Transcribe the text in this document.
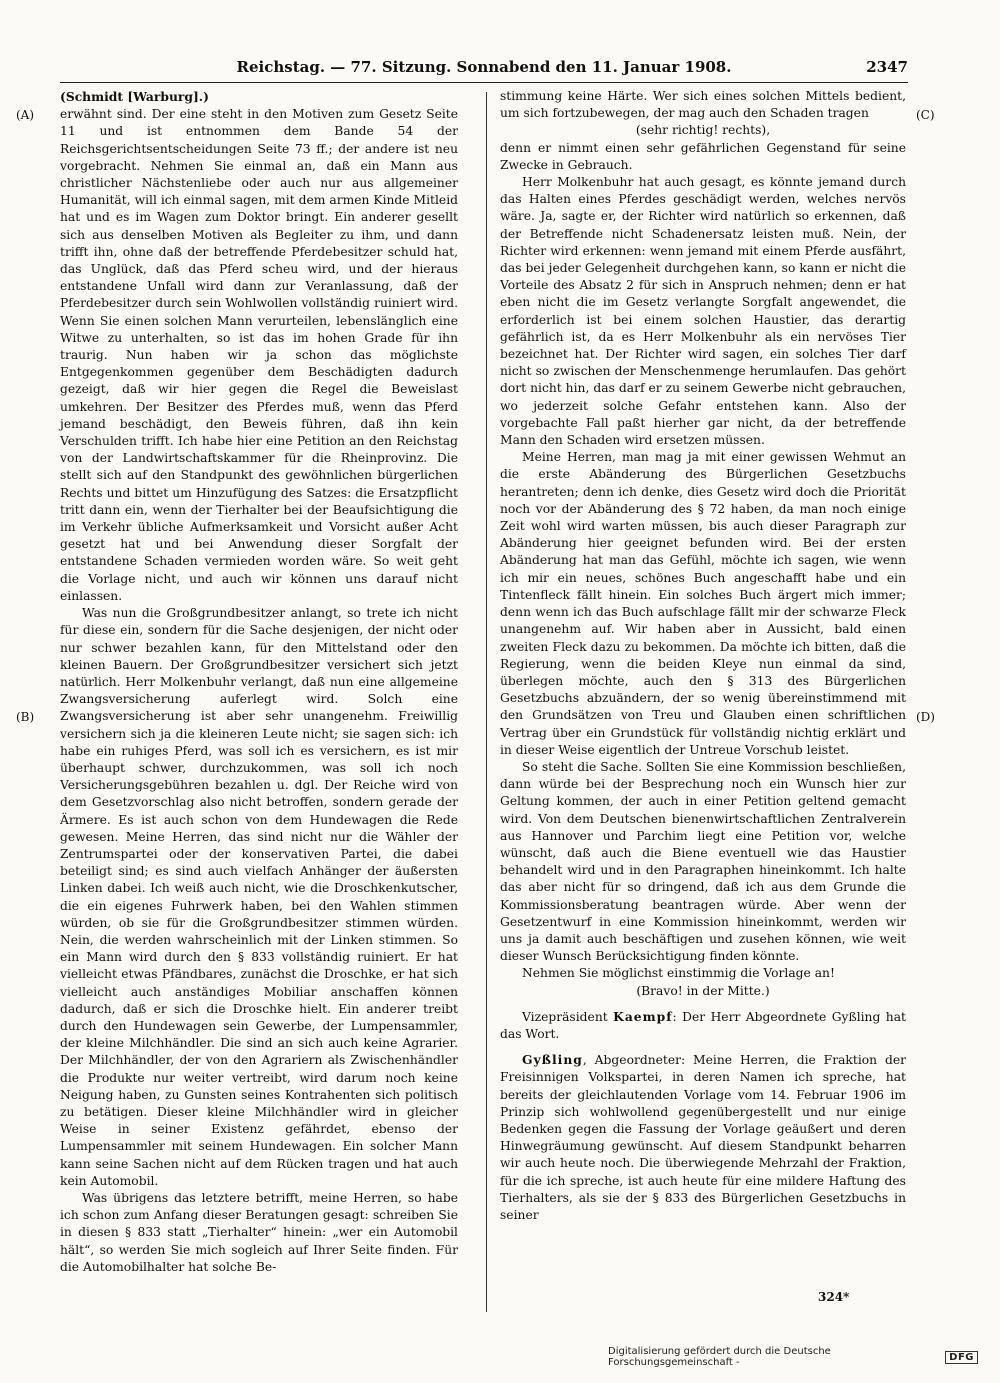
Reichstag. — 77. Sitzung. Sonnabend den 11. Januar 1908.	2347
(A)
(B)
(C)
(D)

(Schmidt [Warburg].)

erwähnt sind. Der eine steht in den Motiven zum Gesetz Seite 11 und ist entnommen dem Bande 54 der Reichsgerichtsentscheidungen Seite 73 ff.; der andere ist neu vorgebracht. Nehmen Sie einmal an, daß ein Mann aus christlicher Nächstenliebe oder auch nur aus allgemeiner Humanität, will ich einmal sagen, mit dem armen Kinde Mitleid hat und es im Wagen zum Doktor bringt. Ein anderer gesellt sich aus denselben Motiven als Begleiter zu ihm, und dann trifft ihn, ohne daß der betreffende Pferdebesitzer schuld hat, das Unglück, daß das Pferd scheu wird, und der hieraus entstandene Unfall wird dann zur Veranlassung, daß der Pferdebesitzer durch sein Wohlwollen vollständig ruiniert wird. Wenn Sie einen solchen Mann verurteilen, lebenslänglich eine Witwe zu unterhalten, so ist das im hohen Grade für ihn traurig. Nun haben wir ja schon das möglichste Entgegenkommen gegenüber dem Beschädigten dadurch gezeigt, daß wir hier gegen die Regel die Beweislast umkehren. Der Besitzer des Pferdes muß, wenn das Pferd jemand beschädigt, den Beweis führen, daß ihn kein Verschulden trifft. Ich habe hier eine Petition an den Reichstag von der Landwirtschaftskammer für die Rheinprovinz. Die stellt sich auf den Standpunkt des gewöhnlichen bürgerlichen Rechts und bittet um Hinzufügung des Satzes: die Ersatzpflicht tritt dann ein, wenn der Tierhalter bei der Beaufsichtigung die im Verkehr übliche Aufmerksamkeit und Vorsicht außer Acht gesetzt hat und bei Anwendung dieser Sorgfalt der entstandene Schaden vermieden worden wäre. So weit geht die Vorlage nicht, und auch wir können uns darauf nicht einlassen.

Was nun die Großgrundbesitzer anlangt, so trete ich nicht für diese ein, sondern für die Sache desjenigen, der nicht oder nur schwer bezahlen kann, für den Mittelstand oder den kleinen Bauern. Der Großgrundbesitzer versichert sich jetzt natürlich. Herr Molkenbuhr verlangt, daß nun eine allgemeine Zwangsversicherung auferlegt wird. Solch eine Zwangsversicherung ist aber sehr unangenehm. Freiwillig versichern sich ja die kleineren Leute nicht; sie sagen sich: ich habe ein ruhiges Pferd, was soll ich es versichern, es ist mir überhaupt schwer, durchzukommen, was soll ich noch Versicherungsgebühren bezahlen u. dgl. Der Reiche wird von dem Gesetzvorschlag also nicht betroffen, sondern gerade der Ärmere. Es ist auch schon von dem Hundewagen die Rede gewesen. Meine Herren, das sind nicht nur die Wähler der Zentrumspartei oder der konservativen Partei, die dabei beteiligt sind; es sind auch vielfach Anhänger der äußersten Linken dabei. Ich weiß auch nicht, wie die Droschkenkutscher, die ein eigenes Fuhrwerk haben, bei den Wahlen stimmen würden, ob sie für die Großgrundbesitzer stimmen würden. Nein, die werden wahrscheinlich mit der Linken stimmen. So ein Mann wird durch den § 833 vollständig ruiniert. Er hat vielleicht etwas Pfändbares, zunächst die Droschke, er hat sich vielleicht auch anständiges Mobiliar anschaffen können dadurch, daß er sich die Droschke hielt. Ein anderer treibt durch den Hundewagen sein Gewerbe, der Lumpensammler, der kleine Milchhändler. Die sind an sich auch keine Agrarier. Der Milchhändler, der von den Agrariern als Zwischenhändler die Produkte nur weiter vertreibt, wird darum noch keine Neigung haben, zu Gunsten seines Kontrahenten sich politisch zu betätigen. Dieser kleine Milchhändler wird in gleicher Weise in seiner Existenz gefährdet, ebenso der Lumpensammler mit seinem Hundewagen. Ein solcher Mann kann seine Sachen nicht auf dem Rücken tragen und hat auch kein Automobil.

Was übrigens das letztere betrifft, meine Herren, so habe ich schon zum Anfang dieser Beratungen gesagt: schreiben Sie in diesen § 833 statt „Tierhalter“ hinein: „wer ein Automobil hält“, so werden Sie mich sogleich auf Ihrer Seite finden. Für die Automobilhalter hat solche Be-

stimmung keine Härte. Wer sich eines solchen Mittels bedient, um sich fortzubewegen, der mag auch den Schaden tragen

(sehr richtig! rechts),

denn er nimmt einen sehr gefährlichen Gegenstand für seine Zwecke in Gebrauch.

Herr Molkenbuhr hat auch gesagt, es könnte jemand durch das Halten eines Pferdes geschädigt werden, welches nervös wäre. Ja, sagte er, der Richter wird natürlich so erkennen, daß der Betreffende nicht Schadenersatz leisten muß. Nein, der Richter wird erkennen: wenn jemand mit einem Pferde ausfährt, das bei jeder Gelegenheit durchgehen kann, so kann er nicht die Vorteile des Absatz 2 für sich in Anspruch nehmen; denn er hat eben nicht die im Gesetz verlangte Sorgfalt angewendet, die erforderlich ist bei einem solchen Haustier, das derartig gefährlich ist, da es Herr Molkenbuhr als ein nervöses Tier bezeichnet hat. Der Richter wird sagen, ein solches Tier darf nicht so zwischen der Menschenmenge herumlaufen. Das gehört dort nicht hin, das darf er zu seinem Gewerbe nicht gebrauchen, wo jederzeit solche Gefahr entstehen kann. Also der vorgebachte Fall paßt hierher gar nicht, da der betreffende Mann den Schaden wird ersetzen müssen.

Meine Herren, man mag ja mit einer gewissen Wehmut an die erste Abänderung des Bürgerlichen Gesetzbuchs herantreten; denn ich denke, dies Gesetz wird doch die Priorität noch vor der Abänderung des § 72 haben, da man noch einige Zeit wohl wird warten müssen, bis auch dieser Paragraph zur Abänderung hier geeignet befunden wird. Bei der ersten Abänderung hat man das Gefühl, möchte ich sagen, wie wenn ich mir ein neues, schönes Buch angeschafft habe und ein Tintenfleck fällt hinein. Ein solches Buch ärgert mich immer; denn wenn ich das Buch aufschlage fällt mir der schwarze Fleck unangenehm auf. Wir haben aber in Aussicht, bald einen zweiten Fleck dazu zu bekommen. Da möchte ich bitten, daß die Regierung, wenn die beiden Kleye nun einmal da sind, überlegen möchte, auch den § 313 des Bürgerlichen Gesetzbuchs abzuändern, der so wenig übereinstimmend mit den Grundsätzen von Treu und Glauben einen schriftlichen Vertrag über ein Grundstück für vollständig nichtig erklärt und in dieser Weise eigentlich der Untreue Vorschub leistet.

So steht die Sache. Sollten Sie eine Kommission beschließen, dann würde bei der Besprechung noch ein Wunsch hier zur Geltung kommen, der auch in einer Petition geltend gemacht wird. Von dem Deutschen bienenwirtschaftlichen Zentralverein aus Hannover und Parchim liegt eine Petition vor, welche wünscht, daß auch die Biene eventuell wie das Haustier behandelt wird und in den Paragraphen hineinkommt. Ich halte das aber nicht für so dringend, daß ich aus dem Grunde die Kommissionsberatung beantragen würde. Aber wenn der Gesetzentwurf in eine Kommission hineinkommt, werden wir uns ja damit auch beschäftigen und zusehen können, wie weit dieser Wunsch Berücksichtigung finden könnte.

Nehmen Sie möglichst einstimmig die Vorlage an!

(Bravo! in der Mitte.)

Vizepräsident Kaempf: Der Herr Abgeordnete Gyßling hat das Wort.

Gyßling, Abgeordneter: Meine Herren, die Fraktion der Freisinnigen Volkspartei, in deren Namen ich spreche, hat bereits der gleichlautenden Vorlage vom 14. Februar 1906 im Prinzip sich wohlwollend gegenübergestellt und nur einige Bedenken gegen die Fassung der Vorlage geäußert und deren Hinwegräumung gewünscht. Auf diesem Standpunkt beharren wir auch heute noch. Die überwiegende Mehrzahl der Fraktion, für die ich spreche, ist auch heute für eine mildere Haftung des Tierhalters, als sie der § 833 des Bürgerlichen Gesetzbuchs in seiner

324*
Digitalisierung gefördert durch die Deutsche Forschungsgemeinschaft -	DFG
